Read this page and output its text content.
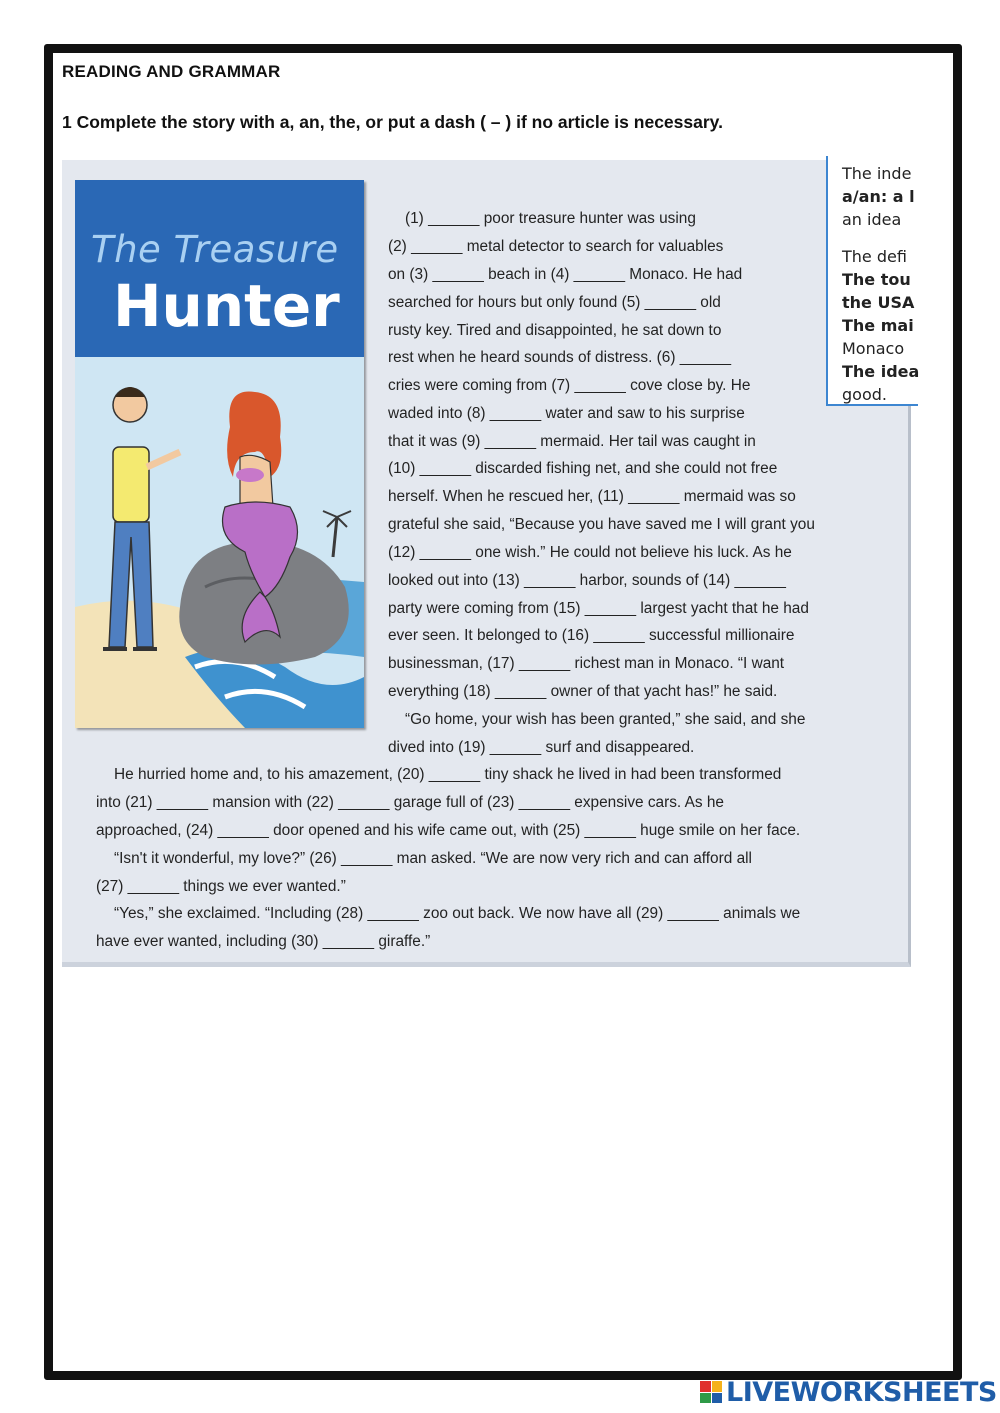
READING AND GRAMMAR
1 Complete the story with a, an, the, or put a dash ( – ) if no article is necessary.
The Treasure
Hunter
The inde
a/an: a l
an idea
The defi
The tou
the USA
The mai
Monaco
The idea
good.
(1) ______ poor treasure hunter was using
(2) ______ metal detector to search for valuables
on (3) ______ beach in (4) ______ Monaco. He had
searched for hours but only found (5) ______ old
rusty key. Tired and disappointed, he sat down to
rest when he heard sounds of distress. (6) ______
cries were coming from (7) ______ cove close by. He
waded into (8) ______ water and saw to his surprise
that it was (9) ______ mermaid. Her tail was caught in
(10) ______ discarded fishing net, and she could not free
herself. When he rescued her, (11) ______ mermaid was so
grateful she said, “Because you have saved me I will grant you
(12) ______ one wish.” He could not believe his luck. As he
looked out into (13) ______ harbor, sounds of (14) ______
party were coming from (15) ______ largest yacht that he had
ever seen. It belonged to (16) ______ successful millionaire
businessman, (17) ______ richest man in Monaco. “I want
everything (18) ______ owner of that yacht has!” he said.
“Go home, your wish has been granted,” she said, and she
dived into (19) ______ surf and disappeared.
He hurried home and, to his amazement, (20) ______ tiny shack he lived in had been transformed
into (21) ______ mansion with (22) ______ garage full of (23) ______ expensive cars. As he
approached, (24) ______ door opened and his wife came out, with (25) ______ huge smile on her face.
“Isn't it wonderful, my love?” (26) ______ man asked. “We are now very rich and can afford all
(27) ______ things we ever wanted.”
“Yes,” she exclaimed. “Including (28) ______ zoo out back. We now have all (29) ______ animals we
have ever wanted, including (30) ______ giraffe.”
LIVEWORKSHEETS
